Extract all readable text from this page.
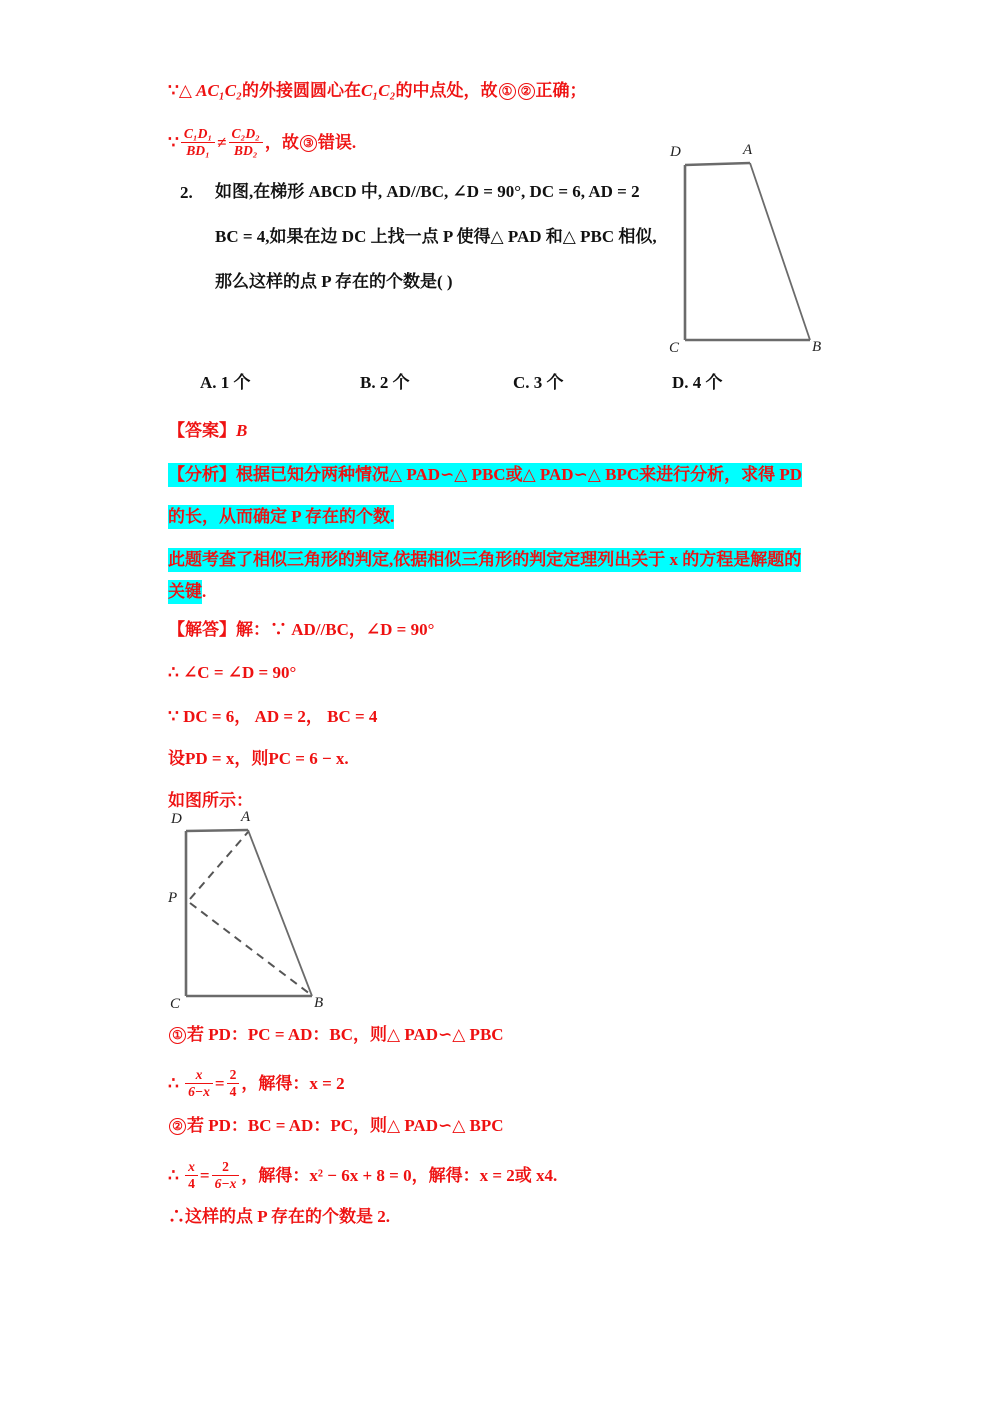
∵△ AC₁C₂的外接圆圆心在C₁C₂的中点处，故 ① ② 正确；
∵ $\frac{\text{C₁D₁}}{\text{BD₁}} \ne \frac{\text{C₂D₂}}{\text{BD₂}}$ ，故 ③ 错误.
2. 如图,在梯形 ABCD 中, AD//BC, ∠D = 90°, DC = 6, AD = 2
BC = 4,如果在边 DC 上找一点 P 使得△ PAD 和△ PBC 相似,
那么这样的点 P 存在的个数是( )
D	A
C	B
A. 1 个	B. 2 个	C. 3 个	D. 4 个
【答案】B
【分析】根据已知分两种情况△ PAD∽△ PBC或△ PAD∽△ BPC来进行分析，求得 PD
的长，从而确定 P 存在的个数.
此题考查了相似三角形的判定,依据相似三角形的判定定理列出关于 x 的方程是解题的
关键.
【解答】解：∵ AD//BC，∠D = 90°
∴ ∠C = ∠D = 90°
∵ DC = 6， AD = 2， BC = 4
设PD = x，则PC = 6 − x.
如图所示：
D	A
P
C	B
① 若 PD：PC = AD：BC，则△ PAD∽△ PBC
∴ $\frac{x}{6-x} = \frac{2}{4}$ ，解得：x = 2
② 若 PD：BC = AD：PC，则△ PAD∽△ BPC
∴ $\frac{x}{4} = \frac{2}{6-x}$ ，解得：x² − 6x + 8 = 0，解得：x = 2或 x4.
∴这样的点 P 存在的个数是 2.
